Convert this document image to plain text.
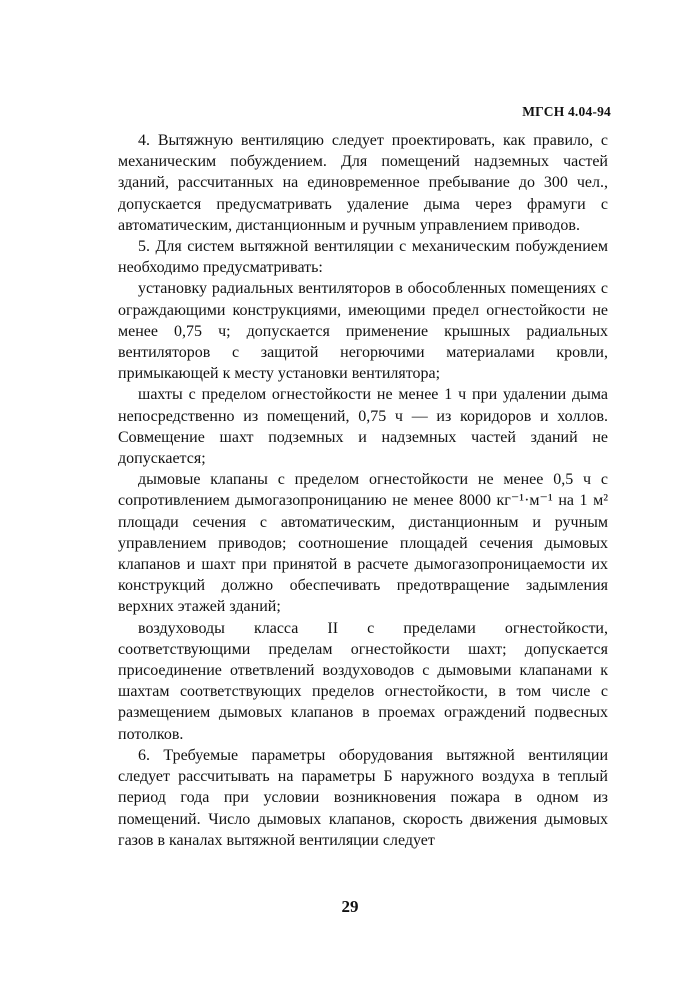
МГСН 4.04-94

4. Вытяжную вентиляцию следует проектировать, как правило, с механическим побуждением. Для помещений надземных частей зданий, рассчитанных на единовременное пребывание до 300 чел., допускается предусматривать удаление дыма через фрамуги с автоматическим, дистанционным и ручным управлением приводов.

5. Для систем вытяжной вентиляции с механическим побуждением необходимо предусматривать:

установку радиальных вентиляторов в обособленных помещениях с ограждающими конструкциями, имеющими предел огнестойкости не менее 0,75 ч; допускается применение крышных радиальных вентиляторов с защитой негорючими материалами кровли, примыкающей к месту установки вентилятора;

шахты с пределом огнестойкости не менее 1 ч при удалении дыма непосредственно из помещений, 0,75 ч — из коридоров и холлов. Совмещение шахт подземных и надземных частей зданий не допускается;

дымовые клапаны с пределом огнестойкости не менее 0,5 ч с сопротивлением дымогазопроницанию не менее 8000 кг⁻¹·м⁻¹ на 1 м² площади сечения с автоматическим, дистанционным и ручным управлением приводов; соотношение площадей сечения дымовых клапанов и шахт при принятой в расчете дымогазопроницаемости их конструкций должно обеспечивать предотвращение задымления верхних этажей зданий;

воздуховоды класса II с пределами огнестойкости, соответствующими пределам огнестойкости шахт; допускается присоединение ответвлений воздуховодов с дымовыми клапанами к шахтам соответствующих пределов огнестойкости, в том числе с размещением дымовых клапанов в проемах ограждений подвесных потолков.

6. Требуемые параметры оборудования вытяжной вентиляции следует рассчитывать на параметры Б наружного воздуха в теплый период года при условии возникновения пожара в одном из помещений. Число дымовых клапанов, скорость движения дымовых газов в каналах вытяжной вентиляции следует

29
